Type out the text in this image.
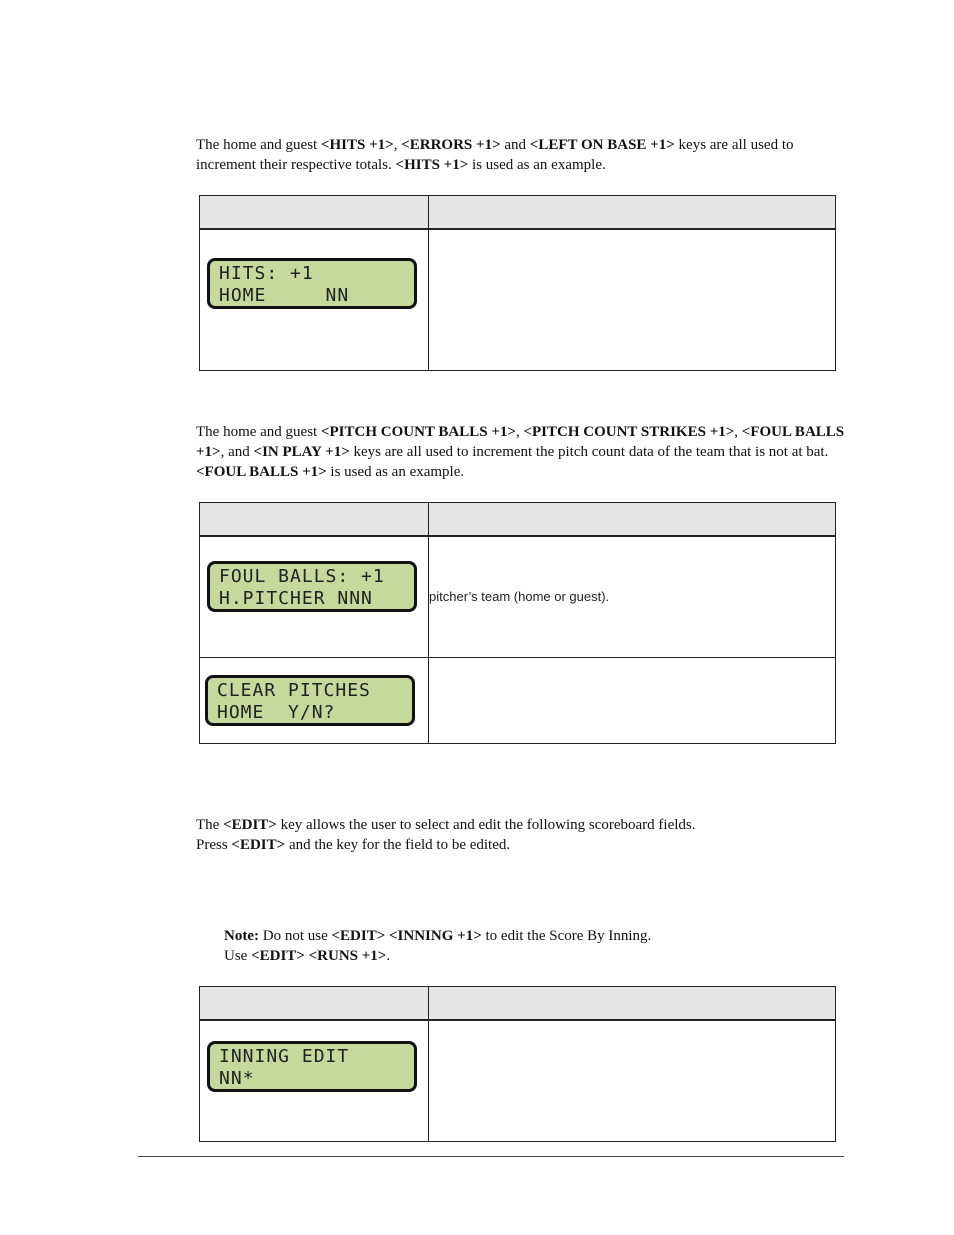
The home and guest <HITS +1>, <ERRORS +1> and <LEFT ON BASE +1> keys are all used to increment their respective totals. <HITS +1> is used as an example.

HITS: +1
HOME     NN	

The home and guest <PITCH COUNT BALLS +1>, <PITCH COUNT STRIKES +1>, <FOUL BALLS +1>, and <IN PLAY +1> keys are all used to increment the pitch count data of the team that is not at bat. <FOUL BALLS +1> is used as an example.

FOUL BALLS: +1
H.PITCHER NNN	pitcher’s team (home or guest).

CLEAR PITCHES
HOME  Y/N?	

The <EDIT> key allows the user to select and edit the following scoreboard fields.
Press <EDIT> and the key for the field to be edited.

Note: Do not use <EDIT> <INNING +1> to edit the Score By Inning.
Use <EDIT> <RUNS +1>.

INNING EDIT
NN*	
